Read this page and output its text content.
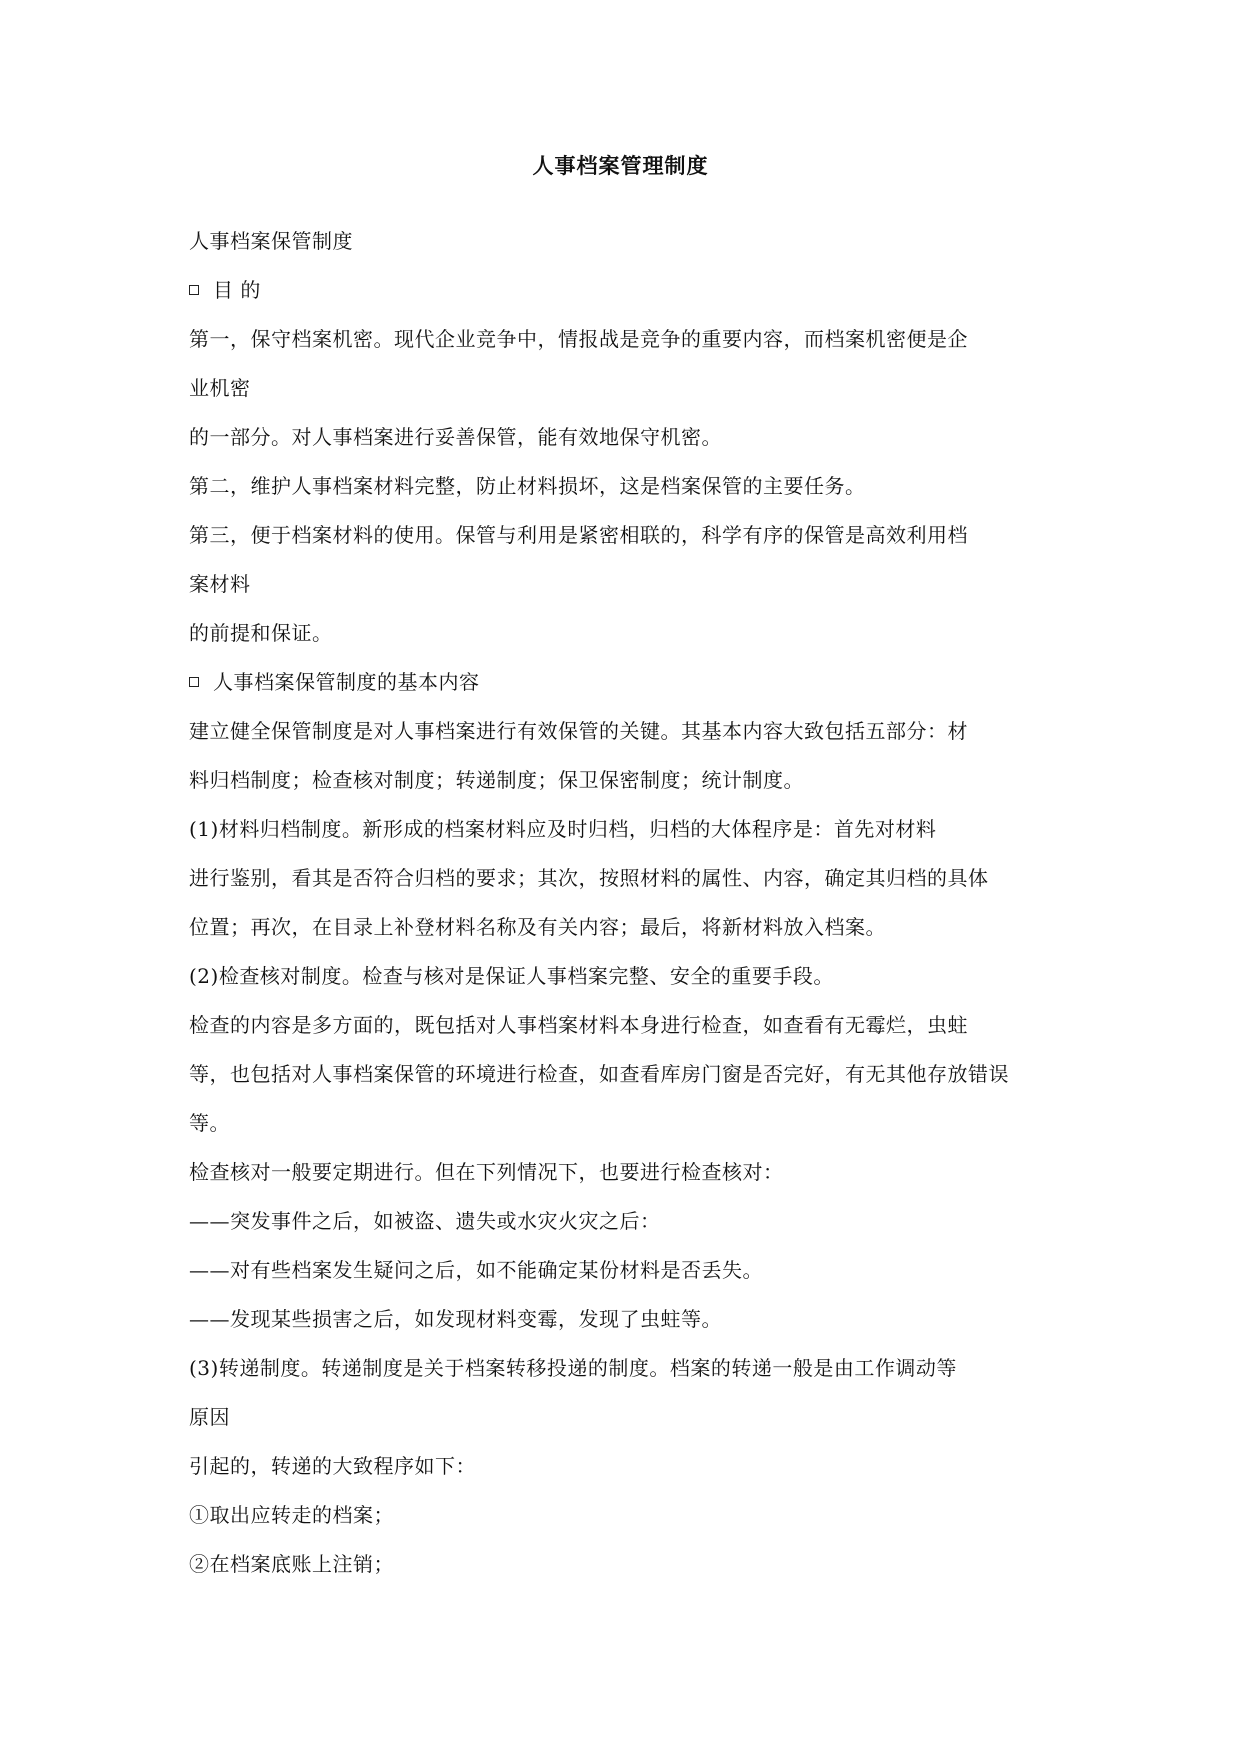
人事档案管理制度
人事档案保管制度
目 的
第一，保守档案机密。现代企业竞争中，情报战是竞争的重要内容，而档案机密便是企
业机密
的一部分。对人事档案进行妥善保管，能有效地保守机密。
第二，维护人事档案材料完整，防止材料损坏，这是档案保管的主要任务。
第三，便于档案材料的使用。保管与利用是紧密相联的，科学有序的保管是高效利用档
案材料
的前提和保证。
人事档案保管制度的基本内容
建立健全保管制度是对人事档案进行有效保管的关键。其基本内容大致包括五部分：材
料归档制度；检查核对制度；转递制度；保卫保密制度；统计制度。
(1)材料归档制度。新形成的档案材料应及时归档，归档的大体程序是：首先对材料
进行鉴别，看其是否符合归档的要求；其次，按照材料的属性、内容，确定其归档的具体
位置；再次，在目录上补登材料名称及有关内容；最后，将新材料放入档案。
(2)检查核对制度。检查与核对是保证人事档案完整、安全的重要手段。
检查的内容是多方面的，既包括对人事档案材料本身进行检查，如查看有无霉烂，虫蛀
等，也包括对人事档案保管的环境进行检查，如查看库房门窗是否完好，有无其他存放错误
等。
检查核对一般要定期进行。但在下列情况下，也要进行检查核对：
——突发事件之后，如被盗、遗失或水灾火灾之后：
——对有些档案发生疑问之后，如不能确定某份材料是否丢失。
——发现某些损害之后，如发现材料变霉，发现了虫蛀等。
(3)转递制度。转递制度是关于档案转移投递的制度。档案的转递一般是由工作调动等
原因
引起的，转递的大致程序如下：
①取出应转走的档案；
②在档案底账上注销；
